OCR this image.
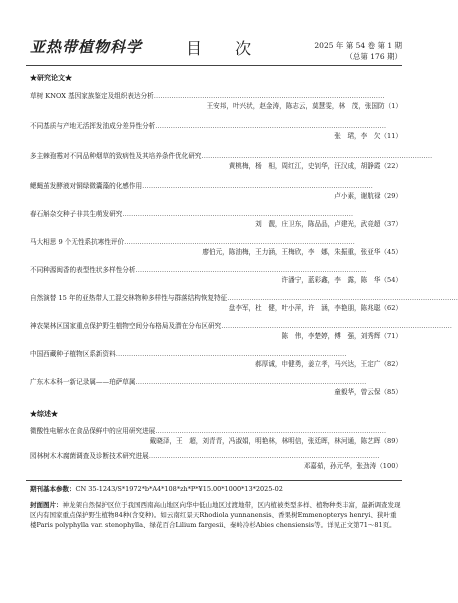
亚热带植物科学	目 次	2025 年 第 54 卷 第 1 期
（总第 176 期）
★研究论文★
草树 KNOX 基因家族鉴定及组织表达分析……………………………………………………………………………………………
王安邦，叶兴状，赵金涛，陈志云，莫慧雯，林　茂，张国防（1）
不同基质与产地无活挥发油成分差异性分析……………………………………………………………………………………………
张　珺，李　欠（11）
多主棘孢霉对不同品种烟草的致病性及其培养条件优化研究……………………………………………………………………………………………
黄桃梅，杨　相，周红江，史钊华，汪汉成，胡静霞（22）
鳃蝇茧发酵液对铜绿微囊藻的化感作用……………………………………………………………………………………………
卢小素，谢航禄（29）
春石斛杂交种子非共生萌发研究……………………………………………………………………………………………
刘　靓，庄卫东，陈品品，卢建光，武竞超（37）
马大相思 9 个无性系抗寒性评价……………………………………………………………………………………………
廖伯元，陈油梅，王力涵，王梅欣，李　娜，朱振重，张亚华（45）
不同种源闽香的表型性状多样性分析……………………………………………………………………………………………
许潘宁，蓝彩鑫，李　露，陈　华（54）
自然演替 15 年的亚热带人工混交林物种多样性与群落结构恢复特征……………………………………………………………………………………………
盘李军，杜　健，叶小萍，许　涵，李艳朋，陈兆聪（62）
神农架林区国家重点保护野生植物空间分布格局及潜在分布区研究……………………………………………………………………………………………
陈　伟，李楚婷，傅　强，刘秀辉（71）
中国西藏种子植物区系新资料……………………………………………………………………………………………
郝厚诚，申健勇，姜立孝，马兴达，王定广（82）
广东木本科一新记录属——珀萨草属……………………………………………………………………………………………
童毅华，曾云保（85）
★综述★
微酸性电解水在食品保鲜中的应用研究进展……………………………………………………………………………………………
戴晓泽，王　超，刘青青，冯淑娟，明艳林，林明信，张廷晖，林河通，陈艺晖（89）
园林树木木腐菌调查及诊断技术研究进展……………………………………………………………………………………………
邓嘉茹，孙元华，张劲涛（100）
期刊基本参数：CN 35-1243/S*1972*b*A4*108*zh*P*¥15.00*1000*13*2025-02
封面图片：神龙架自然保护区位于我国西南高山地区向华中低山地区过渡地带，区内植被类型多样、植物种类丰富，最新调查发现区内有国家重点保护野生植物84种(含变种)。如云南红景天Rhodiola yunnanensis、香果树Emmenopterys henryi、狭叶重楼Paris polyphylla var. stenophylla、绿花百合Lilium fargesii、秦岭冷杉Abies chensiensis等。详见正文第71～81页。
